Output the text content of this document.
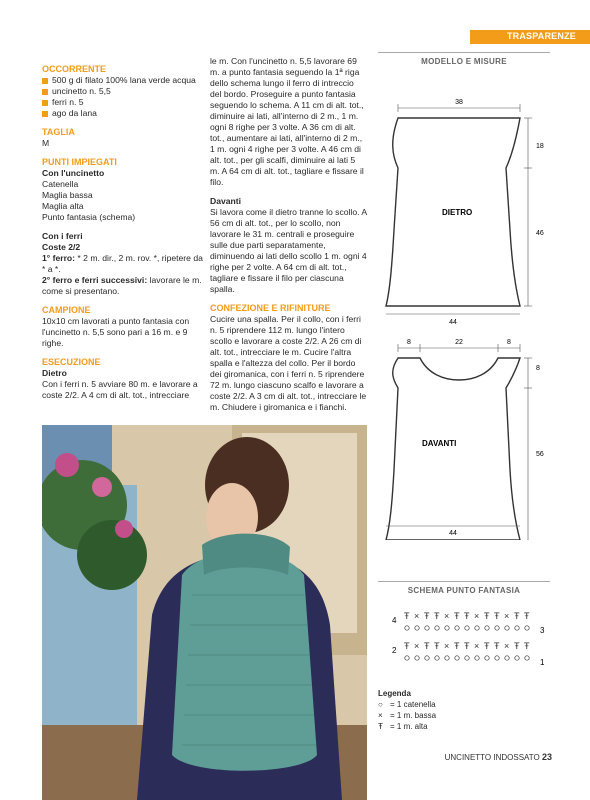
TRASPARENZE

OCCORRENTE

500 g di filato 100% lana verde acqua

uncinetto n. 5,5

ferri n. 5

ago da lana

TAGLIA

M

PUNTI IMPIEGATI

Con l'uncinetto

Catenella

Maglia bassa

Maglia alta

Punto fantasia (schema)

Con i ferri

Coste 2/2

1° ferro: * 2 m. dir., 2 m. rov. *, ripetere da * a *.

2° ferro e ferri successivi: lavorare le m. come si presentano.

CAMPIONE

10x10 cm lavorati a punto fantasia con l'uncinetto n. 5,5 sono pari a 16 m. e 9 righe.

ESECUZIONE

Dietro

Con i ferri n. 5 avviare 80 m. e lavorare a coste 2/2. A 4 cm di alt. tot., intrecciare

le m. Con l'uncinetto n. 5,5 lavorare 69 m. a punto fantasia seguendo la 1ª riga dello schema lungo il ferro di intreccio del bordo. Proseguire a punto fantasia seguendo lo schema. A 11 cm di alt. tot., diminuire ai lati, all'interno di 2 m., 1 m. ogni 8 righe per 3 volte. A 36 cm di alt. tot., aumentare ai lati, all'interno di 2 m., 1 m. ogni 4 righe per 3 volte. A 46 cm di alt. tot., per gli scalfi, diminuire ai lati 5 m. A 64 cm di alt. tot., tagliare e fissare il filo.

Davanti

Si lavora come il dietro tranne lo scollo. A 56 cm di alt. tot., per lo scollo, non lavorare le 31 m. centrali e proseguire sulle due parti separatamente, diminuendo ai lati dello scollo 1 m. ogni 4 righe per 2 volte. A 64 cm di alt. tot., tagliare e fissare il filo per ciascuna spalla.

CONFEZIONE E RIFINITURE

Cucire una spalla. Per il collo, con i ferri n. 5 riprendere 112 m. lungo l'intero scollo e lavorare a coste 2/2. A 26 cm di alt. tot., intrecciare le m. Cucire l'altra spalla e l'altezza del collo. Per il bordo dei giromanica, con i ferri n. 5 riprendere 72 m. lungo ciascuno scalfo e lavorare a coste 2/2. A 3 cm di alt. tot., intrecciare le m. Chiudere i giromanica e i fianchi.

MODELLO E MISURE
38
DIETRO
18
46
44
8	22	8
DAVANTI
8
56
44
SCHEMA PUNTO FANTASIA
4
3
2
1
Ŧ × Ŧ Ŧ × Ŧ Ŧ × Ŧ Ŧ × Ŧ Ŧ
Ŧ × Ŧ Ŧ × Ŧ Ŧ × Ŧ Ŧ × Ŧ Ŧ
Legenda
○ = 1 catenella
× = 1 m. bassa
Ŧ = 1 m. alta
UNCINETTO INDOSSATO 23
PassionForum.ru
